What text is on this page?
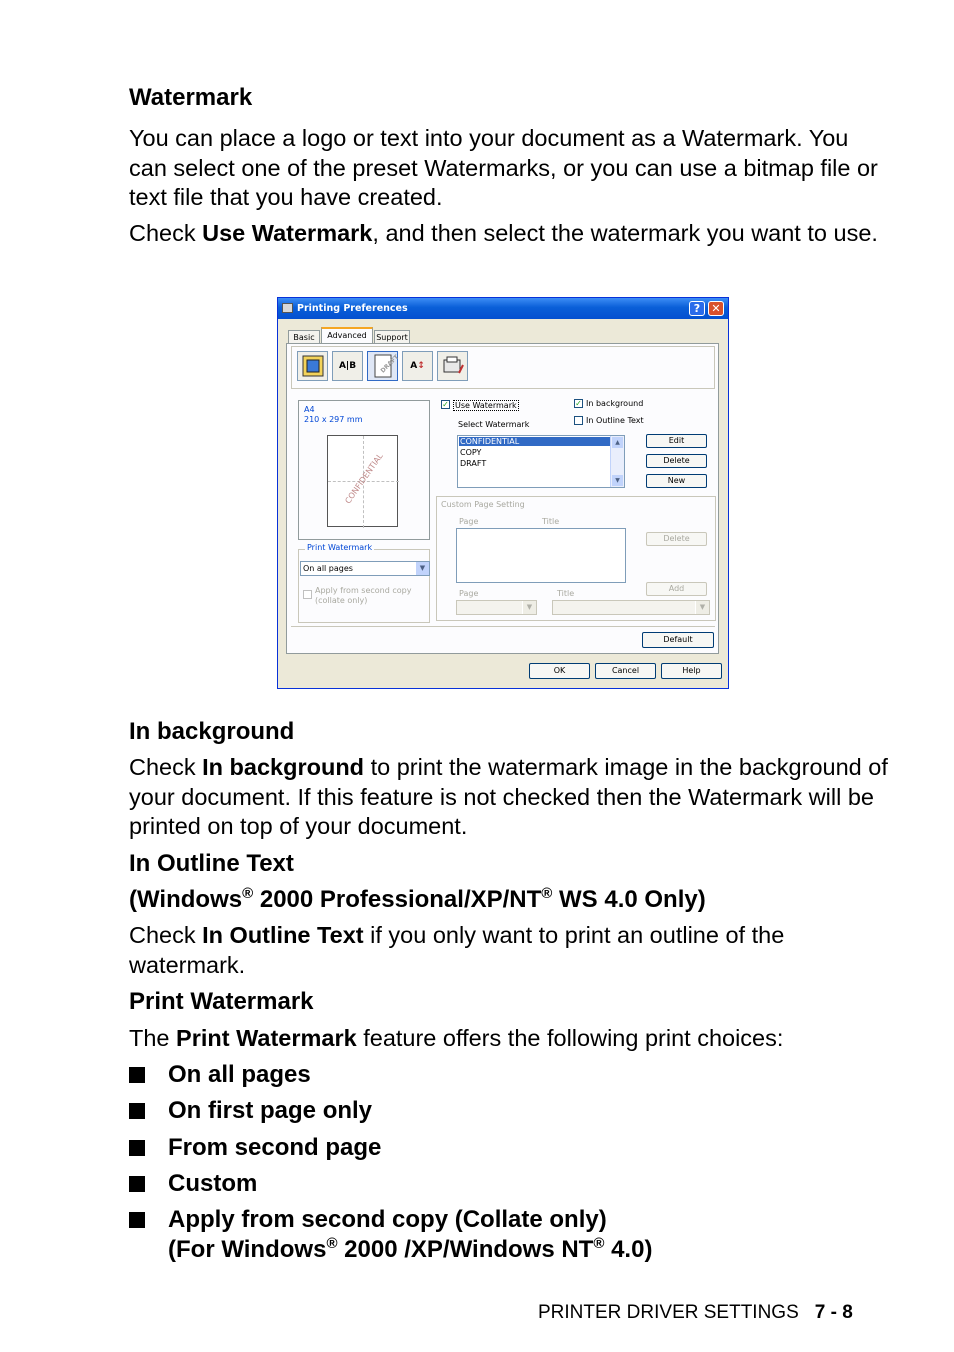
Watermark

You can place a logo or text into your document as a Watermark. You can select one of the preset Watermarks, or you can use a bitmap file or text file that you have created.

Check Use Watermark, and then select the watermark you want to use.

Printing Preferences	?	✕
Basic	Advanced	Support
A|B	DRAFT	A↕
A4
210 x 297 mm
CONFIDENTIAL
Print Watermark
On all pages	▼
Apply from second copy (collate only)
✓ Use Watermark	✓ In background
In Outline Text
Select Watermark
CONFIDENTIAL
COPY
DRAFT
▲
▼
Edit
Delete
New
Custom Page Setting
Page	Title
Delete
Add
Page	Title
▼	▼
Default
OK	Cancel	Help
In background

Check In background to print the watermark image in the background of your document. If this feature is not checked then the Watermark will be printed on top of your document.

In Outline Text
(Windows® 2000 Professional/XP/NT® WS 4.0 Only)

Check In Outline Text if you only want to print an outline of the watermark.

Print Watermark

The Print Watermark feature offers the following print choices:

On all pages
On first page only
From second page
Custom
Apply from second copy (Collate only)
(For Windows® 2000 /XP/Windows NT® 4.0)
PRINTER DRIVER SETTINGS 7 - 8
